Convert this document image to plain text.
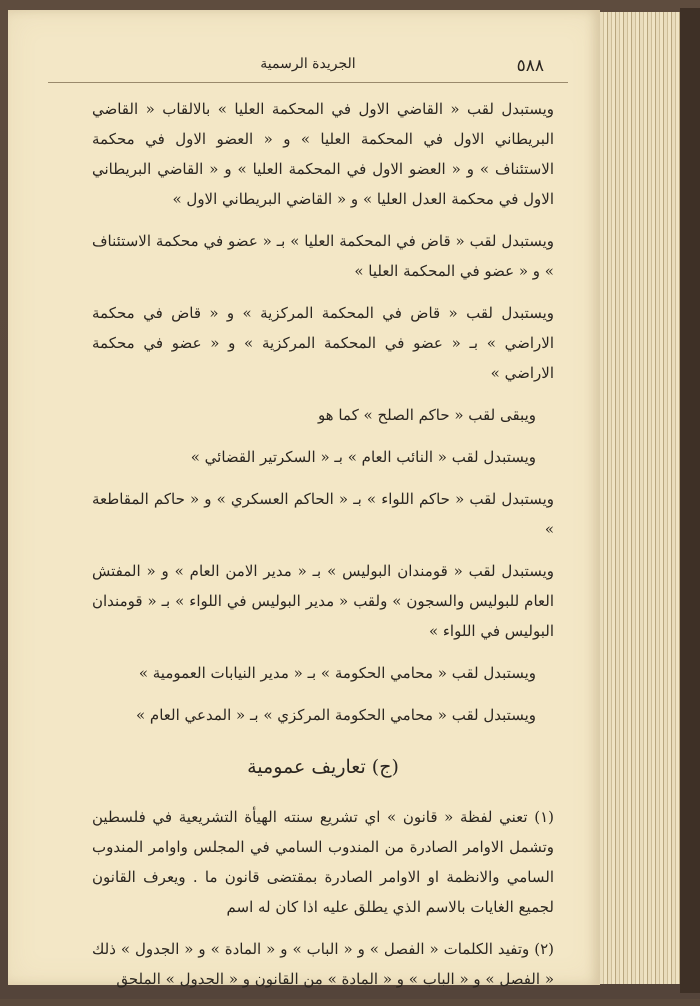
٥٨٨
الجريدة الرسمية

ويستبدل لقب « القاضي الاول في المحكمة العليا » بالالقاب « القاضي البريطاني الاول في المحكمة العليا » و « العضو الاول في محكمة الاستئناف » و « العضو الاول في المحكمة العليا » و « القاضي البريطاني الاول في محكمة العدل العليا » و « القاضي البريطاني الاول »

ويستبدل لقب « قاض في المحكمة العليا » بـ « عضو في محكمة الاستئناف » و « عضو في المحكمة العليا »

ويستبدل لقب « قاض في المحكمة المركزية » و « قاض في محكمة الاراضي » بـ « عضو في المحكمة المركزية » و « عضو في محكمة الاراضي »

ويبقى لقب « حاكم الصلح » كما هو

ويستبدل لقب « النائب العام » بـ « السكرتير القضائي »

ويستبدل لقب « حاكم اللواء » بـ « الحاكم العسكري » و « حاكم المقاطعة »

ويستبدل لقب « قومندان البوليس » بـ « مدير الامن العام » و « المفتش العام للبوليس والسجون » ولقب « مدير البوليس في اللواء » بـ « قومندان البوليس في اللواء »

ويستبدل لقب « محامي الحكومة » بـ « مدير النيابات العمومية »

ويستبدل لقب « محامي الحكومة المركزي » بـ « المدعي العام »

(ج) تعاريف عمومية

(١) تعني لفظة « قانون » اي تشريع سنته الهيأة التشريعية في فلسطين وتشمل الاوامر الصادرة من المندوب السامي في المجلس واوامر المندوب السامي والانظمة او الاوامر الصادرة بمقتضى قانون ما . ويعرف القانون لجميع الغايات بالاسم الذي يطلق عليه اذا كان له اسم

(٢) وتفيد الكلمات « الفصل » و « الباب » و « المادة » و « الجدول » ذلك « الفصل » و « الباب » و « المادة » من القانون و « الجدول » الملحق
